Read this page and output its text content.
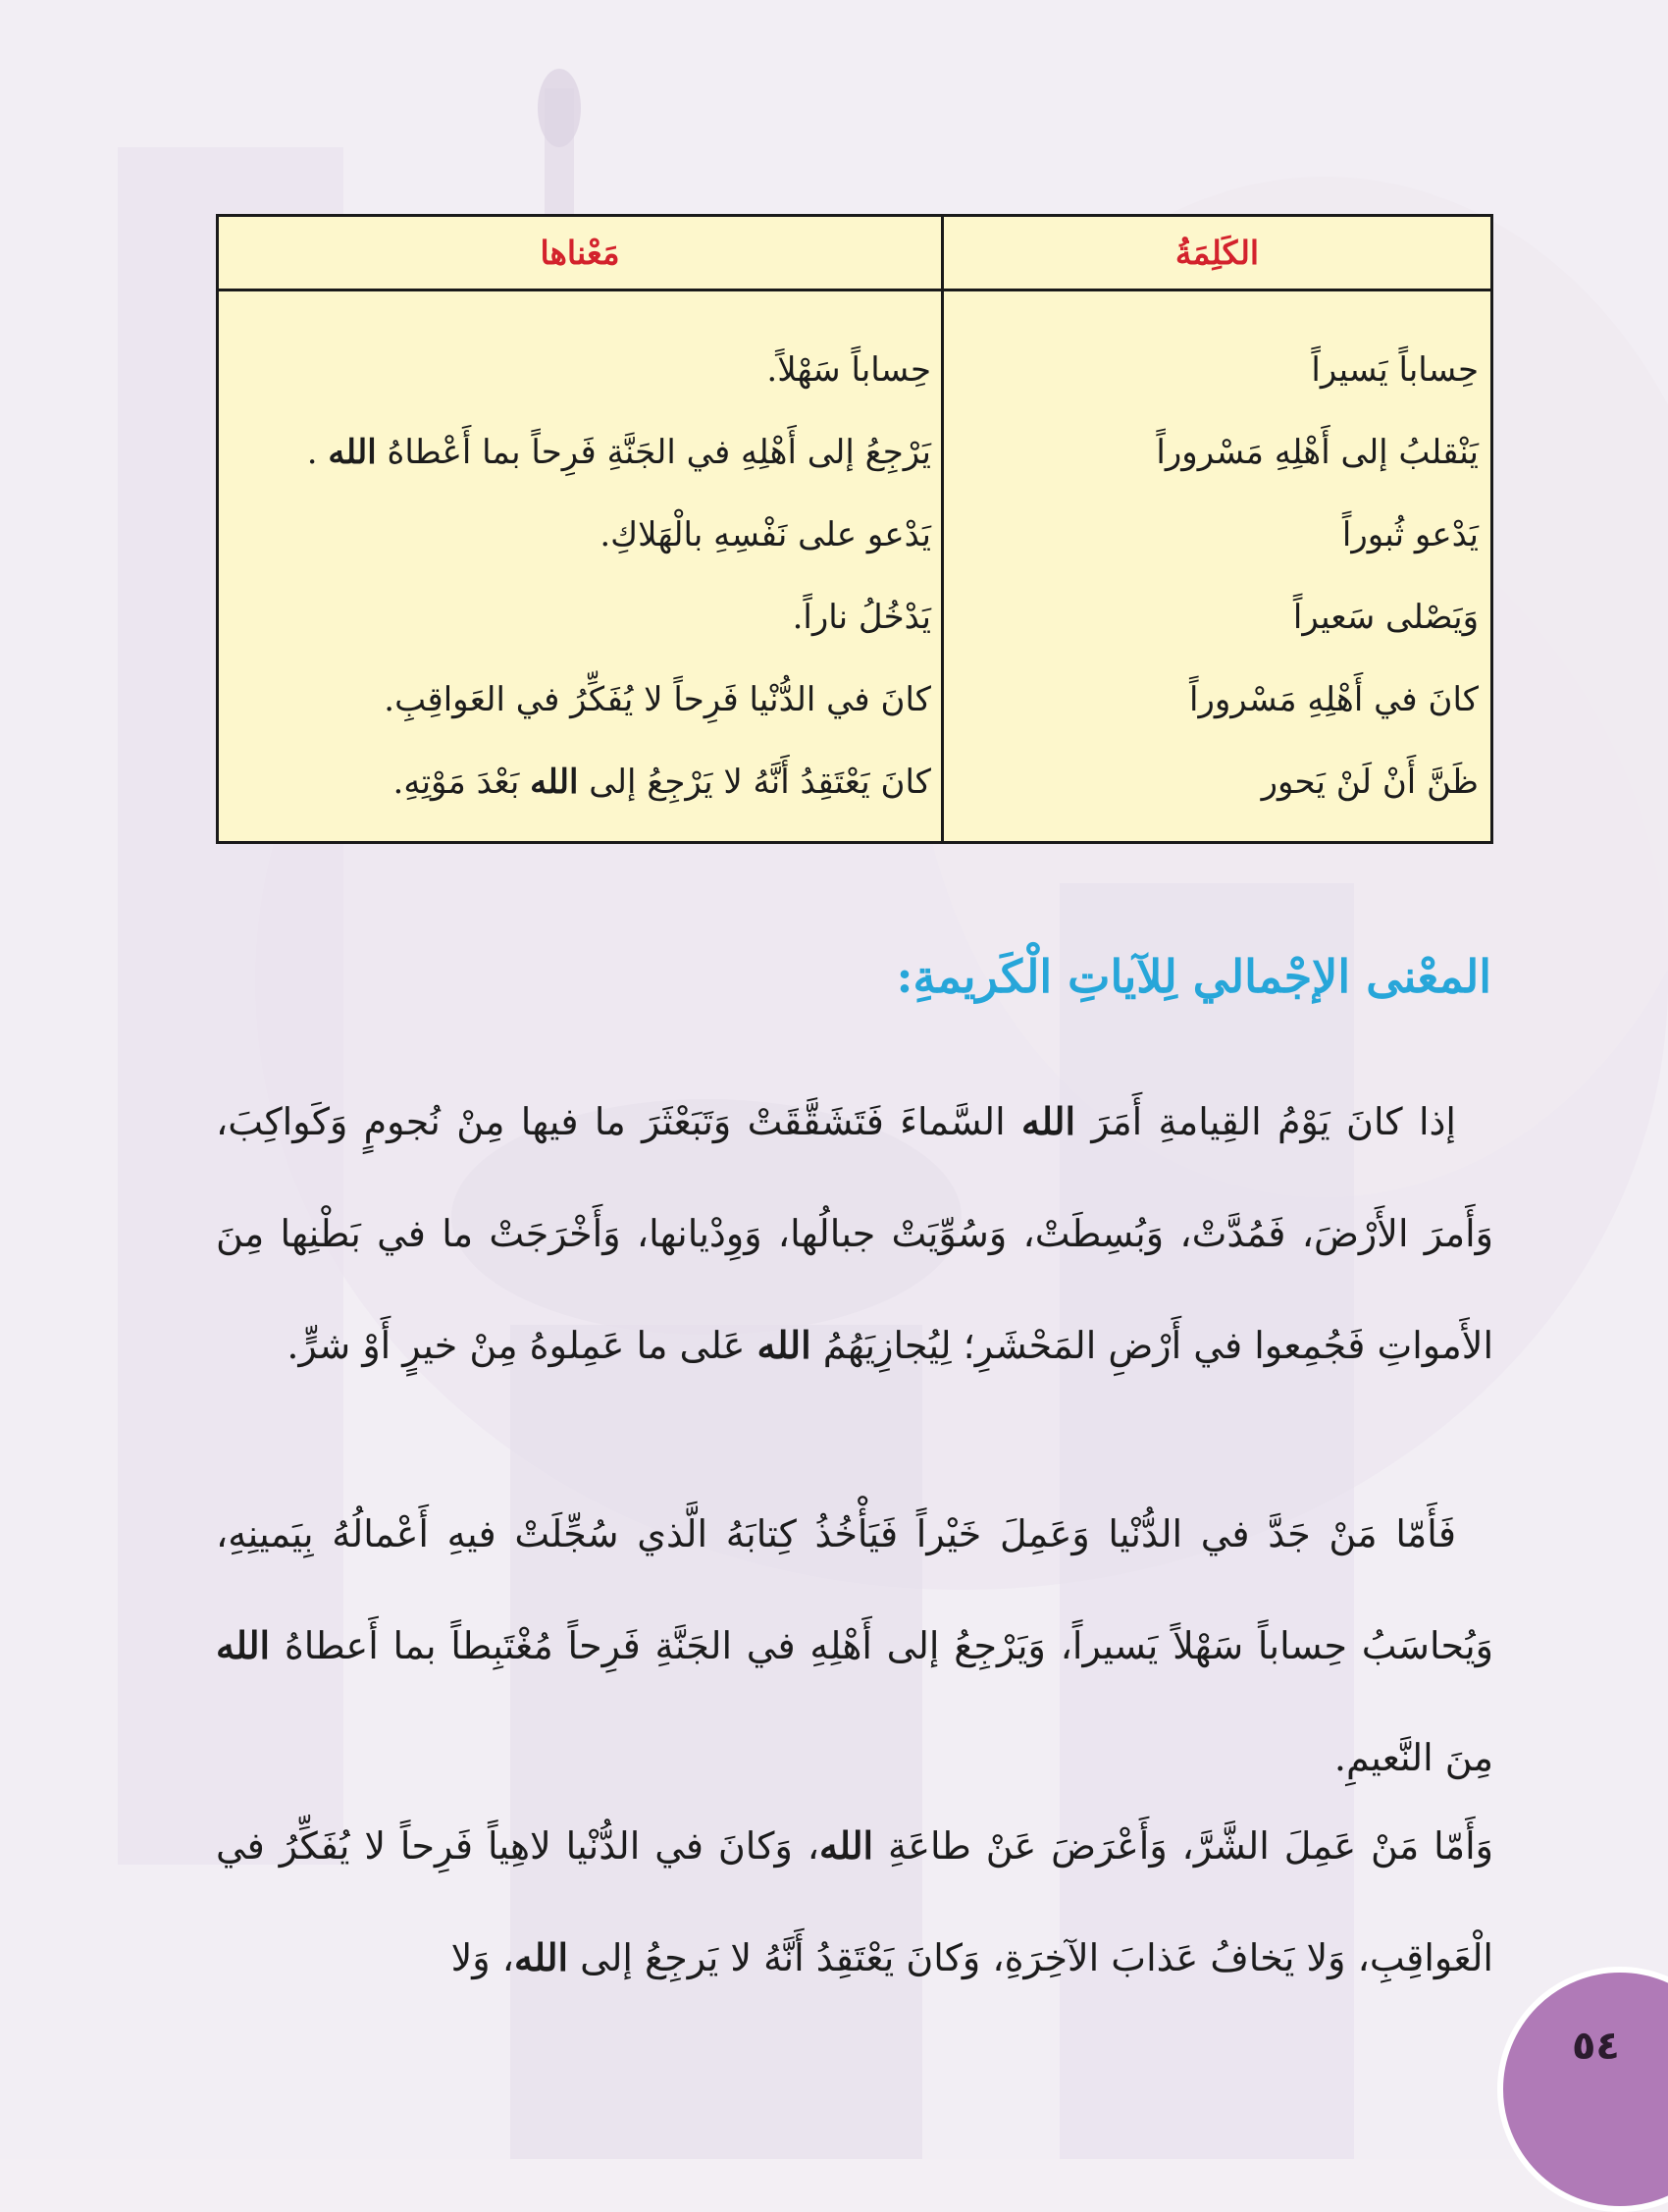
الكَلِمَةُ
مَعْناها
حِساباً يَسيراً
يَنْقلبُ إلى أَهْلِهِ مَسْروراً
يَدْعو ثُبوراً
وَيَصْلى سَعيراً
كانَ في أَهْلِهِ مَسْروراً
ظَنَّ أَنْ لَنْ يَحور
حِساباً سَهْلاً.
يَرْجِعُ إلى أَهْلِهِ في الجَنَّةِ فَرِحاً بما أَعْطاهُ الله .
يَدْعو على نَفْسِهِ بالْهَلاكِ.
يَدْخُلُ ناراً.
كانَ في الدُّنْيا فَرِحاً لا يُفَكِّرُ في العَواقِبِ.
كانَ يَعْتَقِدُ أَنَّهُ لا يَرْجِعُ إلى الله بَعْدَ مَوْتِهِ.
المعْنى الإجْمالي لِلآياتِ الْكَريمةِ:

إذا كانَ يَوْمُ القِيامةِ أَمَرَ الله السَّماءَ فَتَشَقَّقَتْ وَتَبَعْثَرَ ما فيها مِنْ نُجومٍ وَكَواكِبَ، وَأَمرَ الأَرْضَ، فَمُدَّتْ، وَبُسِطَتْ، وَسُوِّيَتْ جبالُها، وَوِدْيانها، وَأَخْرَجَتْ ما في بَطْنِها مِنَ الأَمواتِ فَجُمِعوا في أَرْضِ المَحْشَرِ؛ لِيُجازِيَهُمُ الله عَلى ما عَمِلوهُ مِنْ خيرٍ أَوْ شرٍّ.

فَأَمّا مَنْ جَدَّ في الدُّنْيا وَعَمِلَ خَيْراً فَيَأْخُذُ كِتابَهُ الَّذي سُجِّلَتْ فيهِ أَعْمالُهُ بِيَمينِهِ، وَيُحاسَبُ حِساباً سَهْلاً يَسيراً، وَيَرْجِعُ إلى أَهْلِهِ في الجَنَّةِ فَرِحاً مُغْتَبِطاً بما أَعطاهُ الله مِنَ النَّعيمِ.

وَأَمّا مَنْ عَمِلَ الشَّرَّ، وَأَعْرَضَ عَنْ طاعَةِ الله، وَكانَ في الدُّنْيا لاهِياً فَرِحاً لا يُفَكِّرُ في الْعَواقِبِ، وَلا يَخافُ عَذابَ الآخِرَةِ، وَكانَ يَعْتَقِدُ أَنَّهُ لا يَرجِعُ إلى الله، وَلا

٥٤
